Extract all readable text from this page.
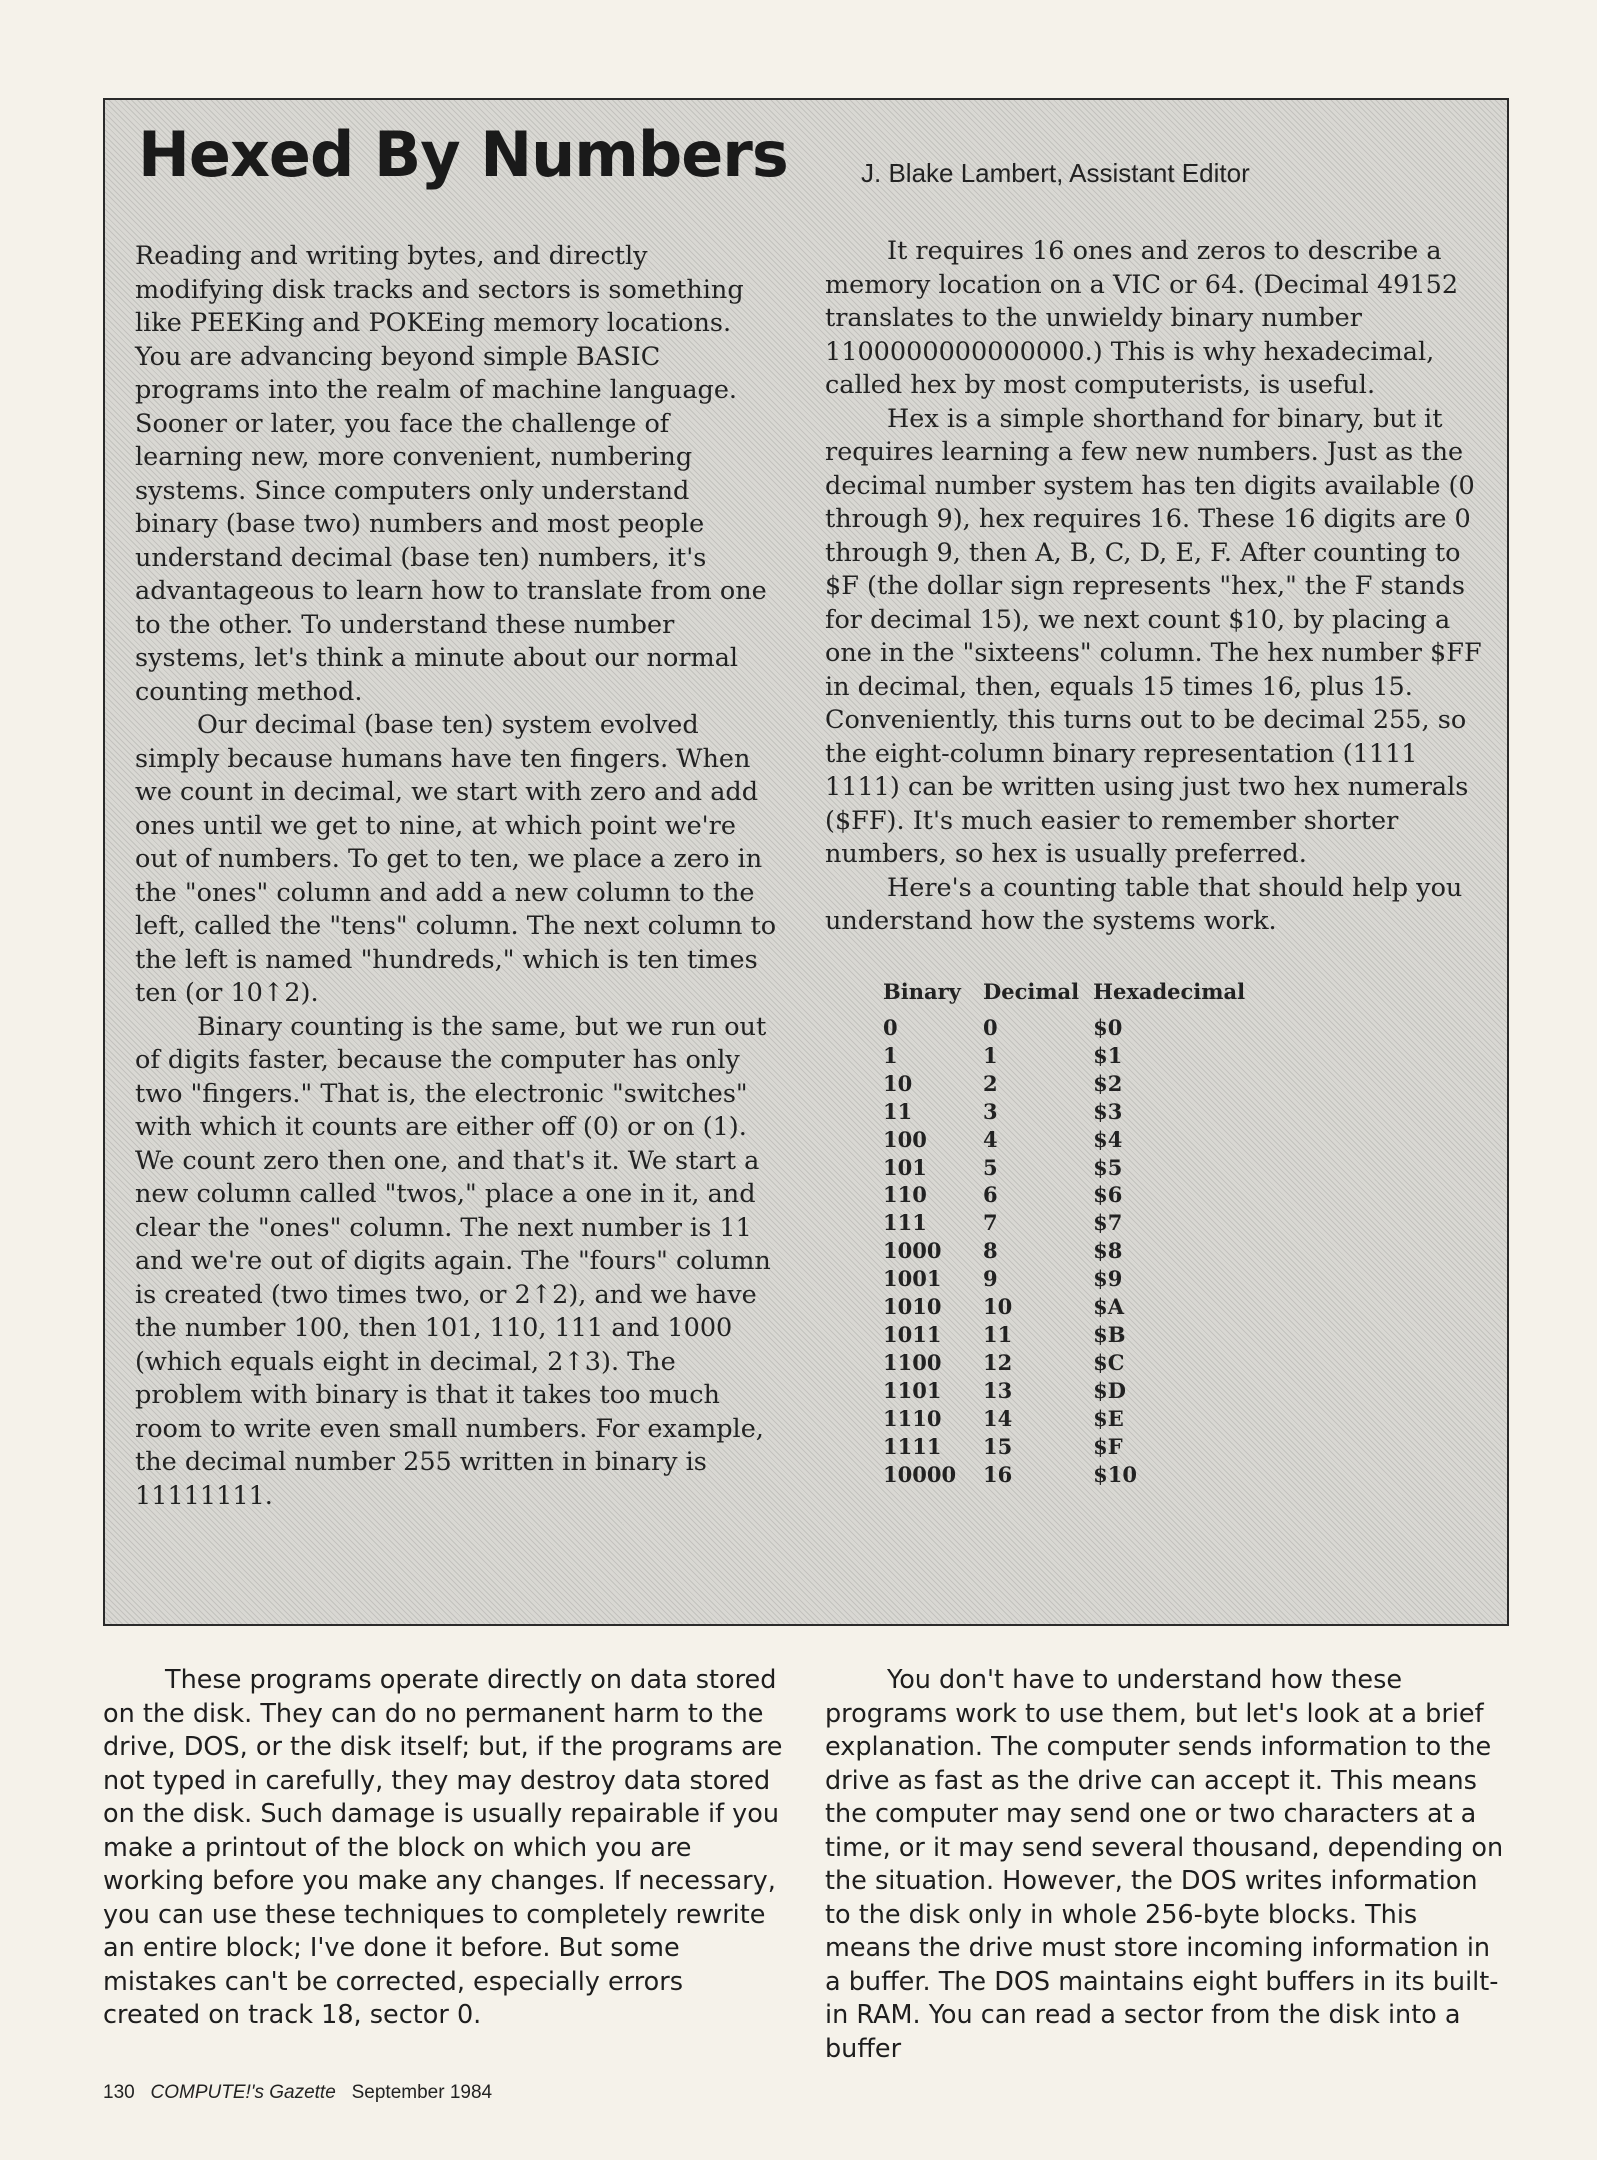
Hexed By Numbers	J. Blake Lambert, Assistant Editor

Reading and writing bytes, and directly modifying disk tracks and sectors is something like PEEKing and POKEing memory locations. You are advancing beyond simple BASIC programs into the realm of machine language. Sooner or later, you face the challenge of learning new, more convenient, numbering systems. Since computers only understand binary (base two) numbers and most people understand decimal (base ten) numbers, it's advantageous to learn how to translate from one to the other. To understand these number systems, let's think a minute about our normal counting method.

Our decimal (base ten) system evolved simply because humans have ten fingers. When we count in decimal, we start with zero and add ones until we get to nine, at which point we're out of numbers. To get to ten, we place a zero in the "ones" column and add a new column to the left, called the "tens" column. The next column to the left is named "hundreds," which is ten times ten (or 10↑2).

Binary counting is the same, but we run out of digits faster, because the computer has only two "fingers." That is, the electronic "switches" with which it counts are either off (0) or on (1). We count zero then one, and that's it. We start a new column called "twos," place a one in it, and clear the "ones" column. The next number is 11 and we're out of digits again. The "fours" column is created (two times two, or 2↑2), and we have the number 100, then 101, 110, 111 and 1000 (which equals eight in decimal, 2↑3). The problem with binary is that it takes too much room to write even small numbers. For example, the decimal number 255 written in binary is 11111111.

It requires 16 ones and zeros to describe a memory location on a VIC or 64. (Decimal 49152 translates to the unwieldy binary number 1100000000000000.) This is why hexadecimal, called hex by most computerists, is useful.

Hex is a simple shorthand for binary, but it requires learning a few new numbers. Just as the decimal number system has ten digits available (0 through 9), hex requires 16. These 16 digits are 0 through 9, then A, B, C, D, E, F. After counting to $F (the dollar sign represents "hex," the F stands for decimal 15), we next count $10, by placing a one in the "sixteens" column. The hex number $FF in decimal, then, equals 15 times 16, plus 15. Conveniently, this turns out to be decimal 255, so the eight-column binary representation (1111 1111) can be written using just two hex numerals ($FF). It's much easier to remember shorter numbers, so hex is usually preferred.

Here's a counting table that should help you understand how the systems work.

Binary	Decimal	Hexadecimal
0	0	$0
1	1	$1
10	2	$2
11	3	$3
100	4	$4
101	5	$5
110	6	$6
111	7	$7
1000	8	$8
1001	9	$9
1010	10	$A
1011	11	$B
1100	12	$C
1101	13	$D
1110	14	$E
1111	15	$F
10000	16	$10

These programs operate directly on data stored on the disk. They can do no permanent harm to the drive, DOS, or the disk itself; but, if the programs are not typed in carefully, they may destroy data stored on the disk. Such damage is usually repairable if you make a printout of the block on which you are working before you make any changes. If necessary, you can use these techniques to completely rewrite an entire block; I've done it before. But some mistakes can't be corrected, especially errors created on track 18, sector 0.

You don't have to understand how these programs work to use them, but let's look at a brief explanation. The computer sends information to the drive as fast as the drive can accept it. This means the computer may send one or two characters at a time, or it may send several thousand, depending on the situation. However, the DOS writes information to the disk only in whole 256-byte blocks. This means the drive must store incoming information in a buffer. The DOS maintains eight buffers in its built-in RAM. You can read a sector from the disk into a buffer

130 COMPUTE!'s Gazette September 1984
